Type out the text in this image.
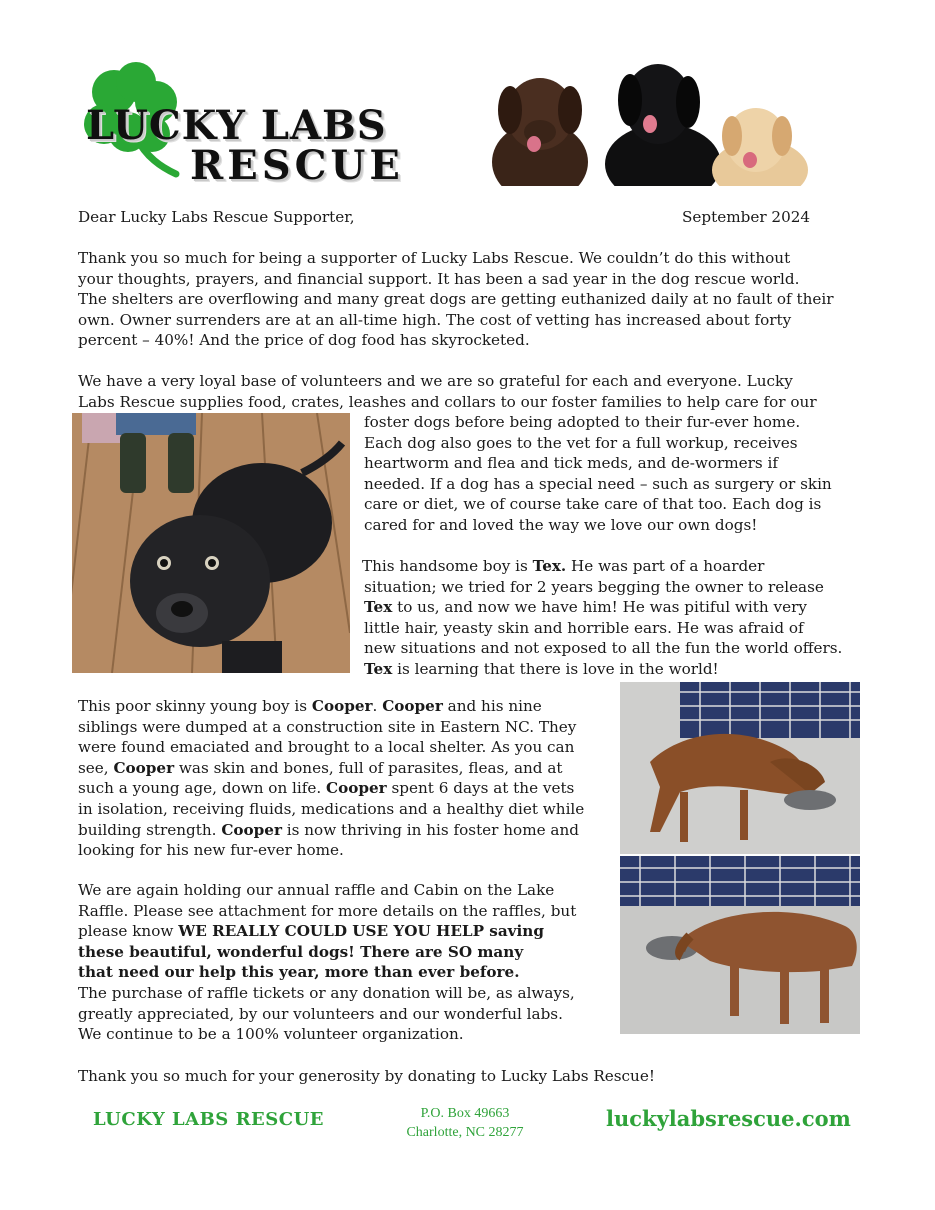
LUCKY LABS
RESCUE
Dear Lucky Labs Rescue Supporter,	September 2024
Thank you so much for being a supporter of Lucky Labs Rescue. We couldn’t do this without
your thoughts, prayers, and financial support. It has been a sad year in the dog rescue world.
The shelters are overflowing and many great dogs are getting euthanized daily at no fault of their
own. Owner surrenders are at an all-time high. The cost of vetting has increased about forty
percent – 40%! And the price of dog food has skyrocketed.
We have a very loyal base of volunteers and we are so grateful for each and everyone. Lucky
Labs Rescue supplies food, crates, leashes and collars to our foster families to help care for our
foster dogs before being adopted to their fur-ever home.
Each dog also goes to the vet for a full workup, receives
heartworm and flea and tick meds, and de-wormers if
needed. If a dog has a special need – such as surgery or skin
care or diet, we of course take care of that too. Each dog is
cared for and loved the way we love our own dogs!
This handsome boy is Tex. He was part of a hoarder
situation; we tried for 2 years begging the owner to release
Tex to us, and now we have him! He was pitiful with very
little hair, yeasty skin and horrible ears. He was afraid of
new situations and not exposed to all the fun the world offers.
Tex is learning that there is love in the world!
This poor skinny young boy is Cooper. Cooper and his nine
siblings were dumped at a construction site in Eastern NC. They
were found emaciated and brought to a local shelter. As you can
see, Cooper was skin and bones, full of parasites, fleas, and at
such a young age, down on life. Cooper spent 6 days at the vets
in isolation, receiving fluids, medications and a healthy diet while
building strength. Cooper is now thriving in his foster home and
looking for his new fur-ever home.
We are again holding our annual raffle and Cabin on the Lake
Raffle. Please see attachment for more details on the raffles, but
please know WE REALLY COULD USE YOU HELP saving
these beautiful, wonderful dogs! There are SO many
that need our help this year, more than ever before.
The purchase of raffle tickets or any donation will be, as always,
greatly appreciated, by our volunteers and our wonderful labs.
We continue to be a 100% volunteer organization.
Thank you so much for your generosity by donating to Lucky Labs Rescue!
LUCKY LABS RESCUE	P.O. Box 49663
Charlotte, NC 28277
luckylabsrescue.com
